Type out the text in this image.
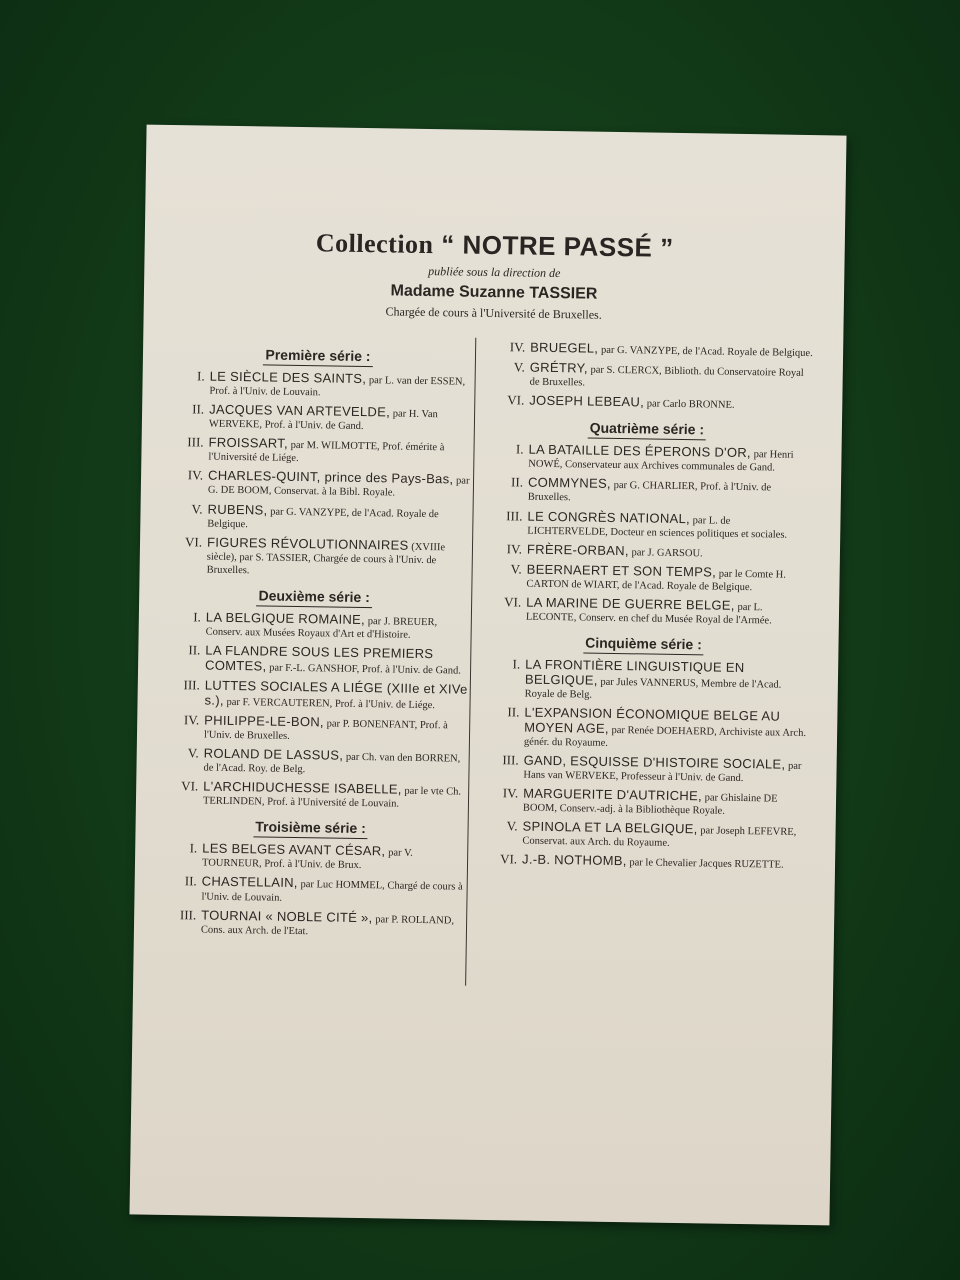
Collection “ NOTRE PASSÉ ”
publiée sous la direction de
Madame Suzanne TASSIER
Chargée de cours à l'Université de Bruxelles.
Première série :
I. LE SIÈCLE DES SAINTS, par L. van der ESSEN, Prof. à l'Univ. de Louvain.
II. JACQUES VAN ARTEVELDE, par H. Van WERVEKE, Prof. à l'Univ. de Gand.
III. FROISSART, par M. WILMOTTE, Prof. émérite à l'Université de Liége.
IV. CHARLES-QUINT, prince des Pays-Bas, par G. DE BOOM, Conservat. à la Bibl. Royale.
V. RUBENS, par G. VANZYPE, de l'Acad. Royale de Belgique.
VI. FIGURES RÉVOLUTIONNAIRES (XVIIIe siècle), par S. TASSIER, Chargée de cours à l'Univ. de Bruxelles.
Deuxième série :
I. LA BELGIQUE ROMAINE, par J. BREUER, Conserv. aux Musées Royaux d'Art et d'Histoire.
II. LA FLANDRE SOUS LES PREMIERS COMTES, par F.-L. GANSHOF, Prof. à l'Univ. de Gand.
III. LUTTES SOCIALES A LIÉGE (XIIIe et XIVe s.), par F. VERCAUTEREN, Prof. à l'Univ. de Liége.
IV. PHILIPPE-LE-BON, par P. BONENFANT, Prof. à l'Univ. de Bruxelles.
V. ROLAND DE LASSUS, par Ch. van den BORREN, de l'Acad. Roy. de Belg.
VI. L'ARCHIDUCHESSE ISABELLE, par le vte Ch. TERLINDEN, Prof. à l'Université de Louvain.
Troisième série :
I. LES BELGES AVANT CÉSAR, par V. TOURNEUR, Prof. à l'Univ. de Brux.
II. CHASTELLAIN, par Luc HOMMEL, Chargé de cours à l'Univ. de Louvain.
III. TOURNAI « NOBLE CITÉ », par P. ROLLAND, Cons. aux Arch. de l'Etat.
IV. BRUEGEL, par G. VANZYPE, de l'Acad. Royale de Belgique.
V. GRÉTRY, par S. CLERCX, Biblioth. du Conservatoire Royal de Bruxelles.
VI. JOSEPH LEBEAU, par Carlo BRONNE.
Quatrième série :
I. LA BATAILLE DES ÉPERONS D'OR, par Henri NOWÉ, Conservateur aux Archives communales de Gand.
II. COMMYNES, par G. CHARLIER, Prof. à l'Univ. de Bruxelles.
III. LE CONGRÈS NATIONAL, par L. de LICHTERVELDE, Docteur en sciences politiques et sociales.
IV. FRÈRE-ORBAN, par J. GARSOU.
V. BEERNAERT ET SON TEMPS, par le Comte H. CARTON de WIART, de l'Acad. Royale de Belgique.
VI. LA MARINE DE GUERRE BELGE, par L. LECONTE, Conserv. en chef du Musée Royal de l'Armée.
Cinquième série :
I. LA FRONTIÈRE LINGUISTIQUE EN BELGIQUE, par Jules VANNERUS, Membre de l'Acad. Royale de Belg.
II. L'EXPANSION ÉCONOMIQUE BELGE AU MOYEN AGE, par Renée DOEHAERD, Archiviste aux Arch. génér. du Royaume.
III. GAND, ESQUISSE D'HISTOIRE SOCIALE, par Hans van WERVEKE, Professeur à l'Univ. de Gand.
IV. MARGUERITE D'AUTRICHE, par Ghislaine DE BOOM, Conserv.-adj. à la Bibliothèque Royale.
V. SPINOLA ET LA BELGIQUE, par Joseph LEFEVRE, Conservat. aux Arch. du Royaume.
VI. J.-B. NOTHOMB, par le Chevalier Jacques RUZETTE.
